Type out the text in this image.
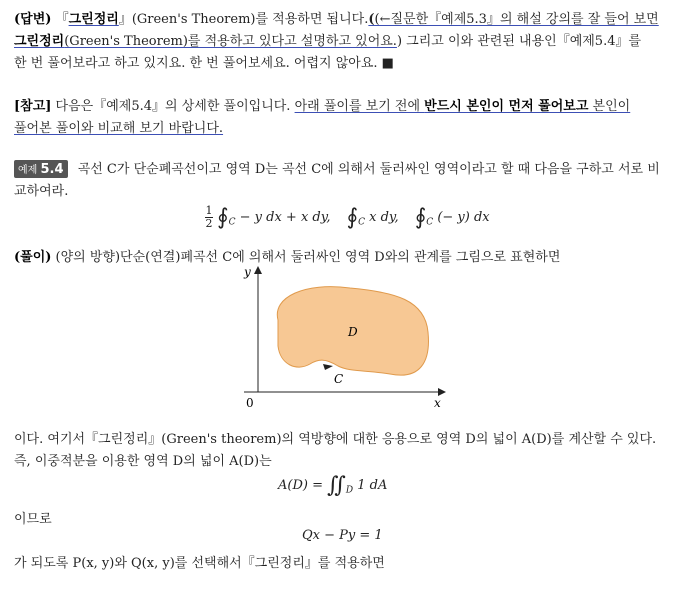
(답변) 『그린정리』(Green's Theorem)를 적용하면 됩니다.((←질문한『예제5.3』의 해설 강의를 잘 들어 보면
그린정리(Green's Theorem)를 적용하고 있다고 설명하고 있어요.) 그리고 이와 관련된 내용인『예제5.4』를
한 번 풀어보라고 하고 있지요. 한 번 풀어보세요. 어렵지 않아요. ■
[참고] 다음은『예제5.4』의 상세한 풀이입니다. 아래 풀이를 보기 전에 반드시 본인이 먼저 풀어보고 본인이
풀어본 풀이와 비교해 보기 바랍니다.
예제 5.4 곡선 C가 단순폐곡선이고 영역 D는 곡선 C에 의해서 둘러싸인 영역이라고 할 때 다음을 구하고 서로 비
교하여라.
$\frac{1}{2}$ $∮_C - y$ dx + x dy, $∮_C$ x dy, $∮_C$ (− y) dx
(풀이) (양의 방향)단순(연결)폐곡선 C에 의해서 둘러싸인 영역 D와의 관계를 그림으로 표현하면
y
x
0
D
C
이다. 여기서『그린정리』(Green's theorem)의 역방향에 대한 응용으로 영역 D의 넓이 A(D)를 계산할 수 있다.
즉, 이중적분을 이용한 영역 D의 넓이 A(D)는
$A(D) = ∬_D$ 1 dA
이므로
Qx − Py = 1
가 되도록 P(x, y)와 Q(x, y)를 선택해서『그린정리』를 적용하면
